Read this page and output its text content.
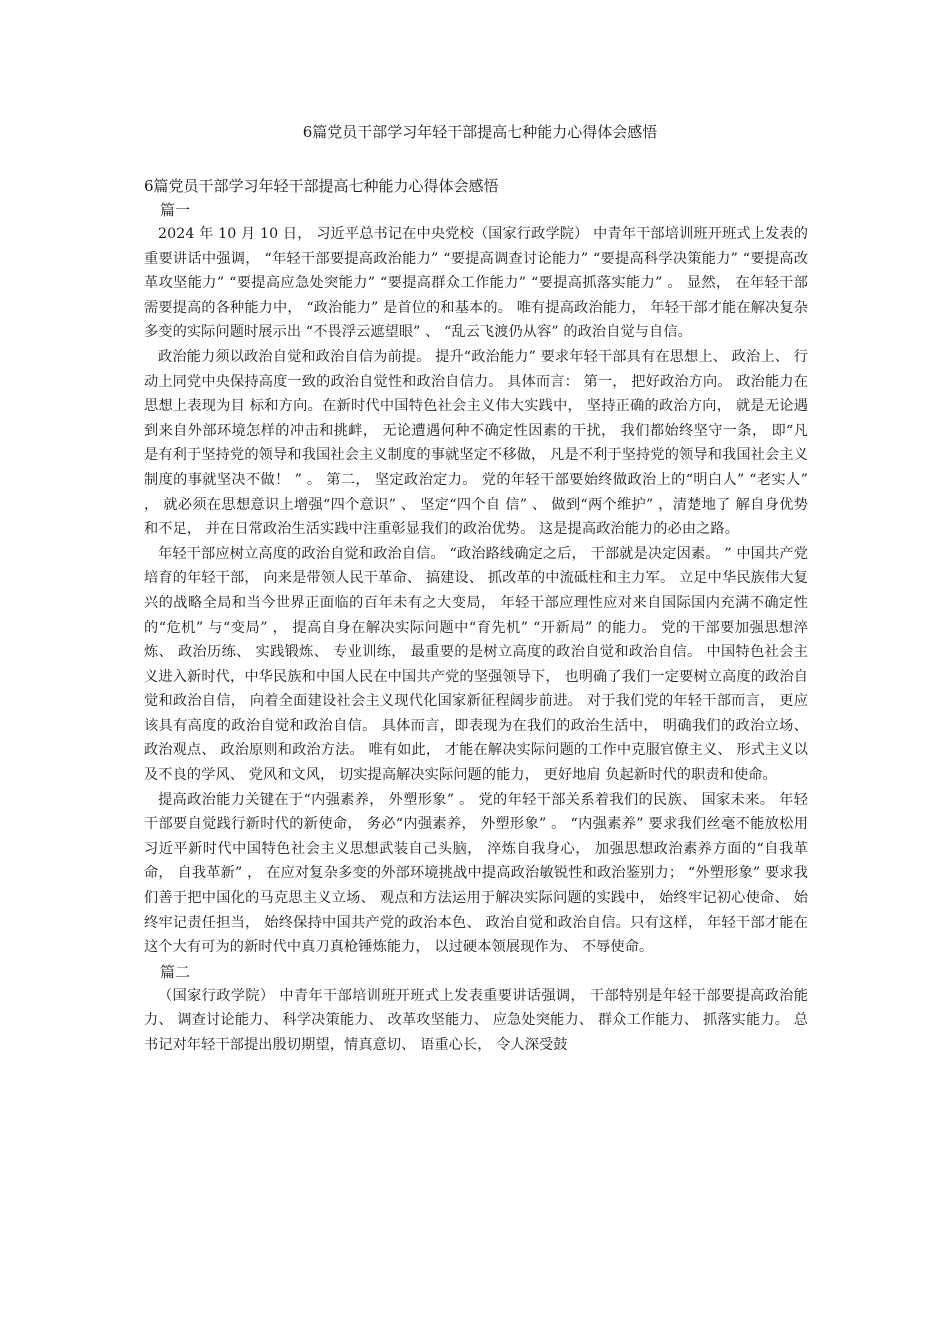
6篇党员干部学习年轻干部提高七种能力心得体会感悟
6篇党员干部学习年轻干部提高七种能力心得体会感悟
篇一

2024 年 10 月 10 日， 习近平总书记在中央党校（国家行政学院） 中青年干部培训班开班式上发表的重要讲话中强调， “年轻干部要提高政治能力” “要提高调查讨论能力” “要提高科学决策能力” “要提高改革攻坚能力” “要提高应急处突能力” “要提高群众工作能力” “要提高抓落实能力” 。 显然， 在年轻干部需要提高的各种能力中， “政治能力” 是首位的和基本的。 唯有提高政治能力， 年轻干部才能在解决复杂多变的实际问题时展示出 “不畏浮云遮望眼” 、 “乱云飞渡仍从容” 的政治自觉与自信。

政治能力须以政治自觉和政治自信为前提。 提升“政治能力” 要求年轻干部具有在思想上、 政治上、 行动上同党中央保持高度一致的政治自觉性和政治自信力。 具体而言： 第一， 把好政治方向。 政治能力在思想上表现为目 标和方向。在新时代中国特色社会主义伟大实践中， 坚持正确的政治方向， 就是无论遇到来自外部环境怎样的冲击和挑衅， 无论遭遇何种不确定性因素的干扰， 我们都始终坚守一条， 即“凡是有利于坚持党的领导和我国社会主义制度的事就坚定不移做， 凡是不利于坚持党的领导和我国社会主义制度的事就坚决不做！ ” 。 第二， 坚定政治定力。 党的年轻干部要始终做政治上的“明白人” “老实人” ， 就必须在思想意识上增强“四个意识” 、 坚定“四个自 信” 、 做到“两个维护” ，清楚地了 解自身优势和不足， 并在日常政治生活实践中注重彰显我们的政治优势。 这是提高政治能力的必由之路。

年轻干部应树立高度的政治自觉和政治自信。 “政治路线确定之后， 干部就是决定因素。 ” 中国共产党培育的年轻干部， 向来是带领人民干革命、 搞建设、 抓改革的中流砥柱和主力军。 立足中华民族伟大复兴的战略全局和当今世界正面临的百年未有之大变局， 年轻干部应理性应对来自国际国内充满不确定性的“危机” 与“变局” ， 提高自身在解决实际问题中“育先机” “开新局” 的能力。 党的干部要加强思想淬炼、 政治历练、 实践锻炼、 专业训练， 最重要的是树立高度的政治自觉和政治自信。 中国特色社会主义进入新时代，中华民族和中国人民在中国共产党的坚强领导下， 也明确了我们一定要树立高度的政治自觉和政治自信， 向着全面建设社会主义现代化国家新征程阔步前进。 对于我们党的年轻干部而言， 更应该具有高度的政治自觉和政治自信。 具体而言，即表现为在我们的政治生活中， 明确我们的政治立场、 政治观点、 政治原则和政治方法。 唯有如此， 才能在解决实际问题的工作中克服官僚主义、 形式主义以及不良的学风、 党风和文风， 切实提高解决实际问题的能力， 更好地肩 负起新时代的职责和使命。

提高政治能力关键在于“内强素养， 外塑形象” 。 党的年轻干部关系着我们的民族、 国家未来。 年轻干部要自觉践行新时代的新使命， 务必“内强素养， 外塑形象” 。 “内强素养” 要求我们丝毫不能放松用习近平新时代中国特色社会主义思想武装自己头脑， 淬炼自我身心， 加强思想政治素养方面的“自我革命， 自我革新” ， 在应对复杂多变的外部环境挑战中提高政治敏锐性和政治鉴别力； “外塑形象” 要求我们善于把中国化的马克思主义立场、 观点和方法运用于解决实际问题的实践中， 始终牢记初心使命、 始终牢记责任担当， 始终保持中国共产党的政治本色、 政治自觉和政治自信。只有这样， 年轻干部才能在这个大有可为的新时代中真刀真枪锤炼能力， 以过硬本领展现作为、 不辱使命。

篇二

（国家行政学院） 中青年干部培训班开班式上发表重要讲话强调， 干部特别是年轻干部要提高政治能力、 调查讨论能力、 科学决策能力、 改革攻坚能力、 应急处突能力、 群众工作能力、 抓落实能力。 总书记对年轻干部提出殷切期望，情真意切、 语重心长， 令人深受鼓
